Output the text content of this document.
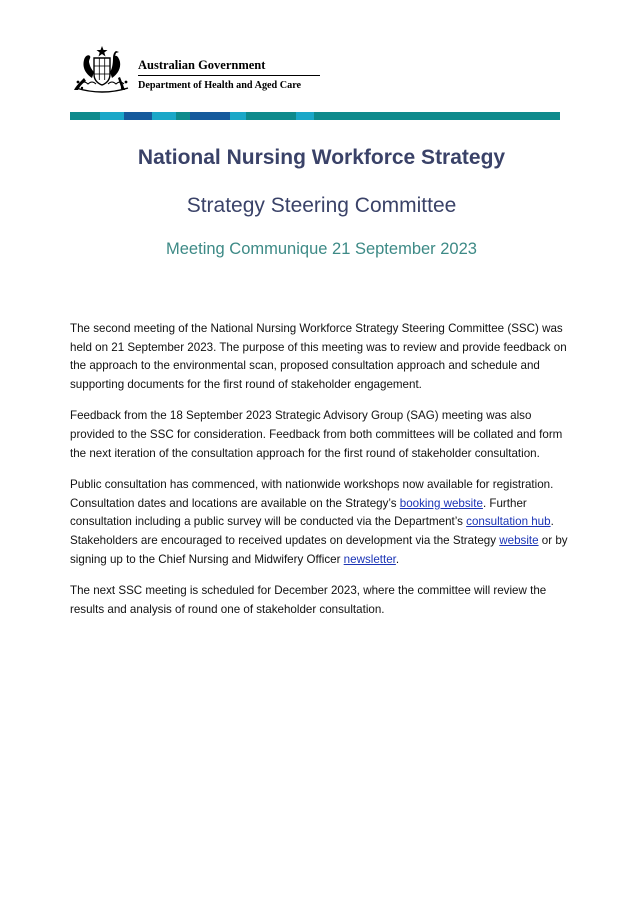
Australian Government
Department of Health and Aged Care
National Nursing Workforce Strategy
Strategy Steering Committee
Meeting Communique 21 September 2023

The second meeting of the National Nursing Workforce Strategy Steering Committee (SSC) was held on 21 September 2023. The purpose of this meeting was to review and provide feedback on the approach to the environmental scan, proposed consultation approach and schedule and supporting documents for the first round of stakeholder engagement.

Feedback from the 18 September 2023 Strategic Advisory Group (SAG) meeting was also provided to the SSC for consideration. Feedback from both committees will be collated and form the next iteration of the consultation approach for the first round of stakeholder consultation.

Public consultation has commenced, with nationwide workshops now available for registration. Consultation dates and locations are available on the Strategy’s booking website. Further consultation including a public survey will be conducted via the Department’s consultation hub. Stakeholders are encouraged to received updates on development via the Strategy website or by signing up to the Chief Nursing and Midwifery Officer newsletter.

The next SSC meeting is scheduled for December 2023, where the committee will review the results and analysis of round one of stakeholder consultation.
